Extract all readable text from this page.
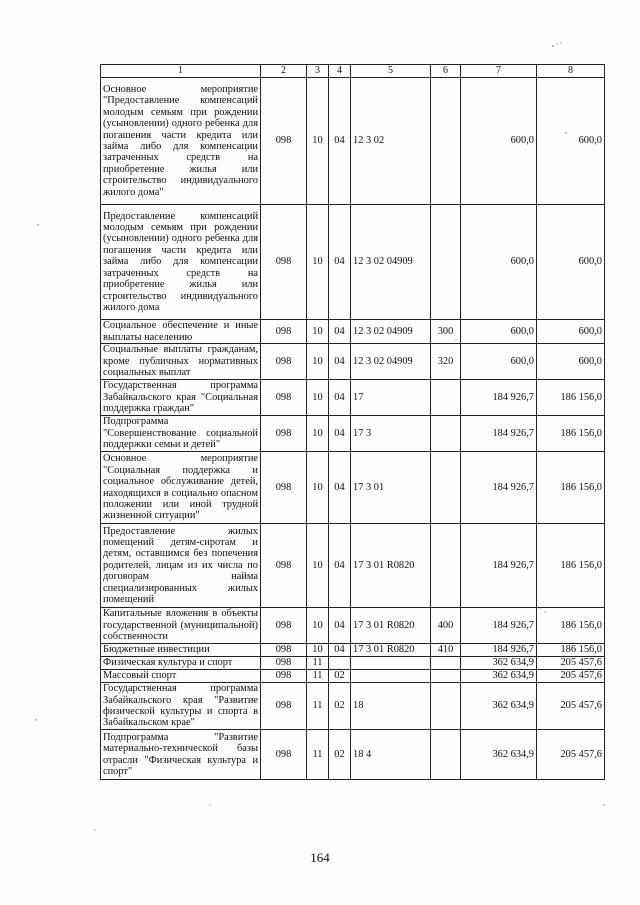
1	2	3	4	5	6	7	8
Основное мероприятие "Предоставление компенсаций молодым семьям при рождении (усыновлении) одного ребенка для погашения части кредита или займа либо для компенсации затраченных средств на приобретение жилья или строительство индивидуального жилого дома"	098	10	04	12 3 02		600,0	600,0
Предоставление компенсаций молодым семьям при рождении (усыновлении) одного ребенка для погашения части кредита или займа либо для компенсации затраченных средств на приобретение жилья или строительство индивидуального жилого дома	098	10	04	12 3 02 04909		600,0	600,0
Социальное обеспечение и иные выплаты населению	098	10	04	12 3 02 04909	300	600,0	600,0
Социальные выплаты гражданам, кроме публичных нормативных социальных выплат	098	10	04	12 3 02 04909	320	600,0	600,0
Государственная программа Забайкальского края "Социальная поддержка граждан"	098	10	04	17		184 926,7	186 156,0
Подпрограмма "Совершенствование социальной поддержки семьи и детей"	098	10	04	17 3		184 926,7	186 156,0
Основное мероприятие "Социальная поддержка и социальное обслуживание детей, находящихся в социально опасном положении или иной трудной жизненной ситуации"	098	10	04	17 3 01		184 926,7	186 156,0
Предоставление жилых помещений детям-сиротам и детям, оставшимся без попечения родителей, лицам из их числа по договорам найма специализированных жилых помещений	098	10	04	17 3 01 R0820		184 926,7	186 156,0
Капитальные вложения в объекты государственной (муниципальной) собственности	098	10	04	17 3 01 R0820	400	184 926,7	186 156,0
Бюджетные инвестиции	098	10	04	17 3 01 R0820	410	184 926,7	186 156,0
Физическая культура и спорт	098	11				362 634,9	205 457,6
Массовый спорт	098	11	02			362 634,9	205 457,6
Государственная программа Забайкальского края "Развитие физической культуры и спорта в Забайкальском крае"	098	11	02	18		362 634,9	205 457,6
Подпрограмма "Развитие материально-технической базы отрасли "Физическая культура и спорт"	098	11	02	18 4		362 634,9	205 457,6
164
